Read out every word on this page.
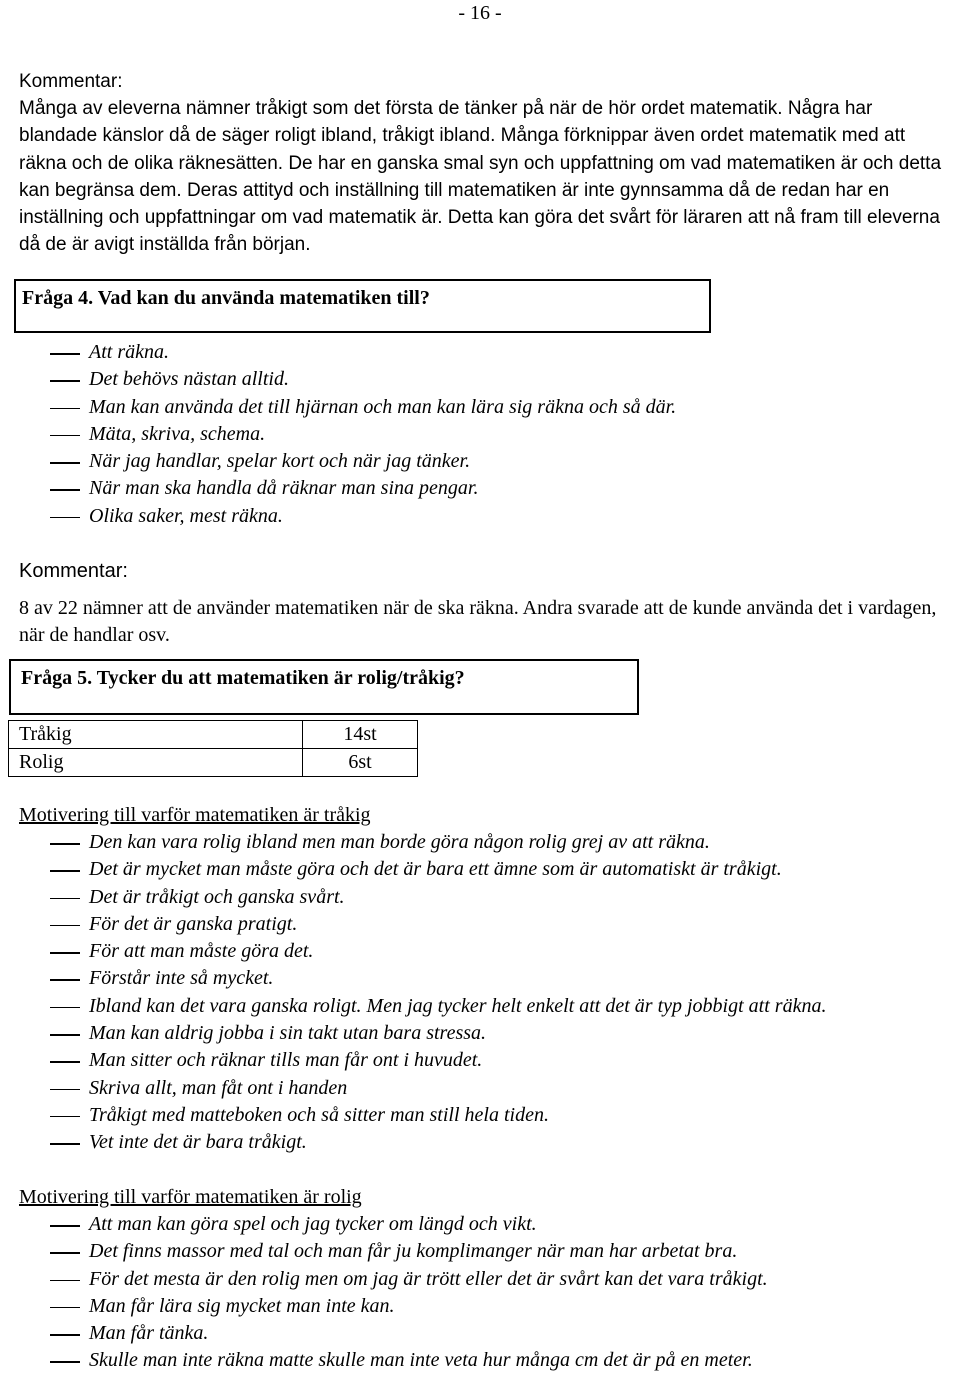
- 16 -
Kommentar:
Många av eleverna nämner tråkigt som det första de tänker på när de hör ordet matematik. Några har blandade känslor då de säger roligt ibland, tråkigt ibland. Många förknippar även ordet matematik med att räkna och de olika räknesätten. De har en ganska smal syn och uppfattning om vad matematiken är och detta kan begränsa dem. Deras attityd och inställning till matematiken är inte gynnsamma då de redan har en inställning och uppfattningar om vad matematik är. Detta kan göra det svårt för läraren att nå fram till eleverna då de är avigt inställda från början.
Fråga 4. Vad kan du använda matematiken till?
Att räkna.
Det behövs nästan alltid.
Man kan använda det till hjärnan och man kan lära sig räkna och så där.
Mäta, skriva, schema.
När jag handlar, spelar kort och när jag tänker.
När man ska handla då räknar man sina pengar.
Olika saker, mest räkna.
Kommentar:
8 av 22 nämner att de använder matematiken när de ska räkna. Andra svarade att de kunde använda det i vardagen, när de handlar osv.
Fråga 5. Tycker du att matematiken är rolig/tråkig?
Tråkig	14st
Rolig	6st
Motivering till varför matematiken är tråkig
Den kan vara rolig ibland men man borde göra någon rolig grej av att räkna.
Det är mycket man måste göra och det är bara ett ämne som är automatiskt är tråkigt.
Det är tråkigt och ganska svårt.
För det är ganska pratigt.
För att man måste göra det.
Förstår inte så mycket.
Ibland kan det vara ganska roligt. Men jag tycker helt enkelt att det är typ jobbigt att räkna.
Man kan aldrig jobba i sin takt utan bara stressa.
Man sitter och räknar tills man får ont i huvudet.
Skriva allt, man fåt ont i handen
Tråkigt med matteboken och så sitter man still hela tiden.
Vet inte det är bara tråkigt.
Motivering till varför matematiken är rolig
Att man kan göra spel och jag tycker om längd och vikt.
Det finns massor med tal och man får ju komplimanger när man har arbetat bra.
För det mesta är den rolig men om jag är trött eller det är svårt kan det vara tråkigt.
Man får lära sig mycket man inte kan.
Man får tänka.
Skulle man inte räkna matte skulle man inte veta hur många cm det är på en meter.
